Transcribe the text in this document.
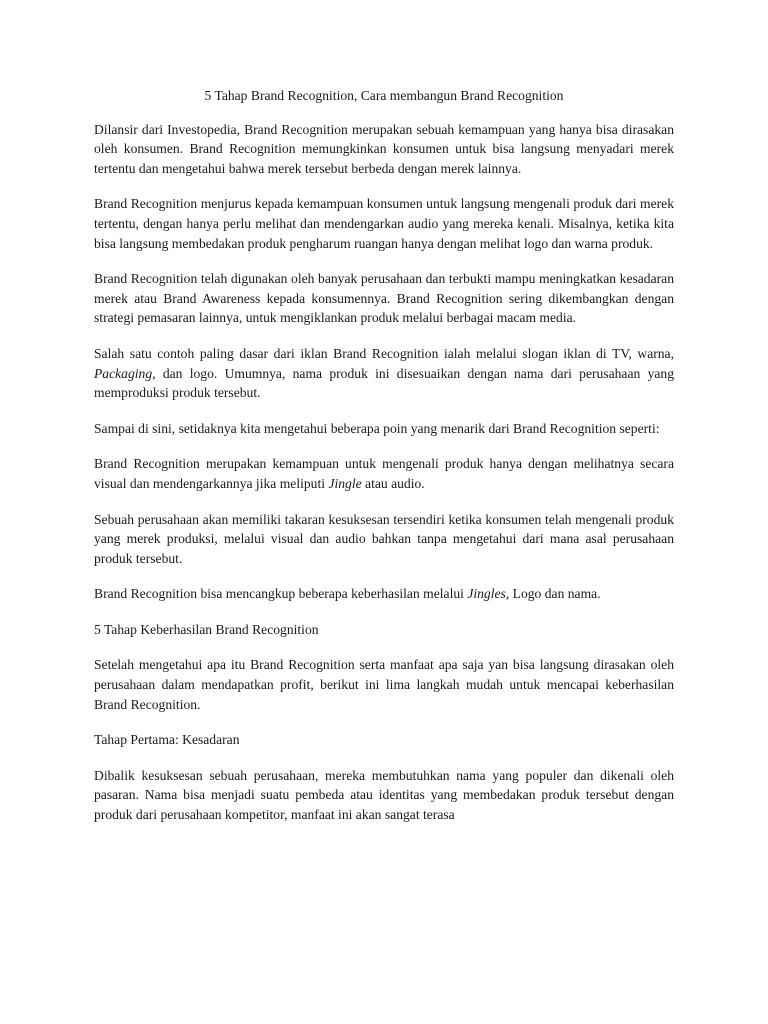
5 Tahap Brand Recognition, Cara membangun Brand Recognition

Dilansir dari Investopedia, Brand Recognition merupakan sebuah kemampuan yang hanya bisa dirasakan oleh konsumen. Brand Recognition memungkinkan konsumen untuk bisa langsung menyadari merek tertentu dan mengetahui bahwa merek tersebut berbeda dengan merek lainnya.

Brand Recognition menjurus kepada kemampuan konsumen untuk langsung mengenali produk dari merek tertentu, dengan hanya perlu melihat dan mendengarkan audio yang mereka kenali. Misalnya, ketika kita bisa langsung membedakan produk pengharum ruangan hanya dengan melihat logo dan warna produk.

Brand Recognition telah digunakan oleh banyak perusahaan dan terbukti mampu meningkatkan kesadaran merek atau Brand Awareness kepada konsumennya. Brand Recognition sering dikembangkan dengan strategi pemasaran lainnya, untuk mengiklankan produk melalui berbagai macam media.

Salah satu contoh paling dasar dari iklan Brand Recognition ialah melalui slogan iklan di TV, warna, Packaging, dan logo. Umumnya, nama produk ini disesuaikan dengan nama dari perusahaan yang memproduksi produk tersebut.

Sampai di sini, setidaknya kita mengetahui beberapa poin yang menarik dari Brand Recognition seperti:

Brand Recognition merupakan kemampuan untuk mengenali produk hanya dengan melihatnya secara visual dan mendengarkannya jika meliputi Jingle atau audio.

Sebuah perusahaan akan memiliki takaran kesuksesan tersendiri ketika konsumen telah mengenali produk yang merek produksi, melalui visual dan audio bahkan tanpa mengetahui dari mana asal perusahaan produk tersebut.

Brand Recognition bisa mencangkup beberapa keberhasilan melalui Jingles, Logo dan nama.

5 Tahap Keberhasilan Brand Recognition

Setelah mengetahui apa itu Brand Recognition serta manfaat apa saja yan bisa langsung dirasakan oleh perusahaan dalam mendapatkan profit, berikut ini lima langkah mudah untuk mencapai keberhasilan Brand Recognition.

Tahap Pertama: Kesadaran

Dibalik kesuksesan sebuah perusahaan, mereka membutuhkan nama yang populer dan dikenali oleh pasaran. Nama bisa menjadi suatu pembeda atau identitas yang membedakan produk tersebut dengan produk dari perusahaan kompetitor, manfaat ini akan sangat terasa
